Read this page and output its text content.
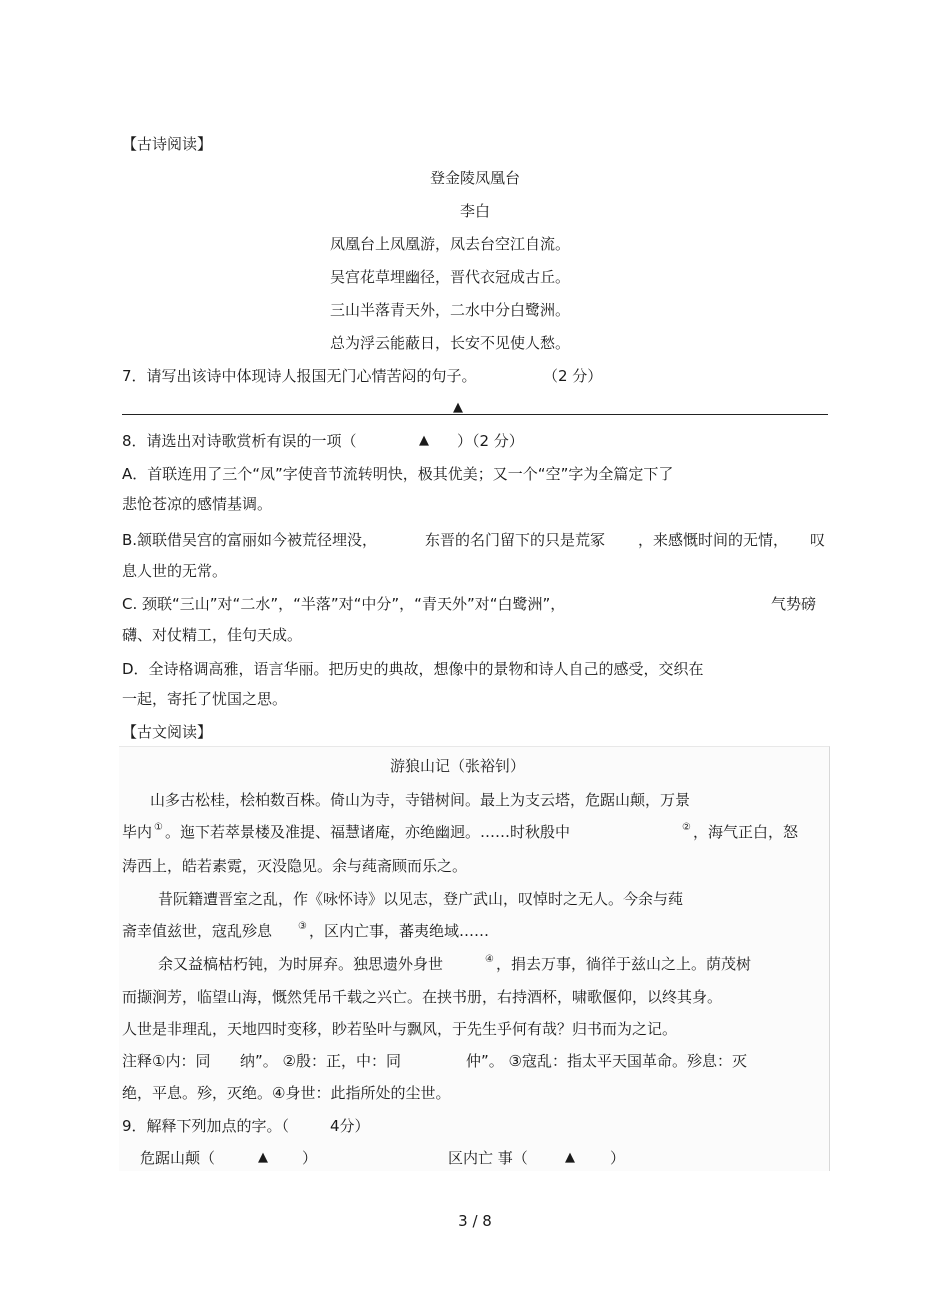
【古诗阅读】
登金陵凤凰台
李白
凤凰台上凤凰游，凤去台空江自流。
吴宫花草埋幽径，晋代衣冠成古丘。
三山半落青天外，二水中分白鹭洲。
总为浮云能蔽日，长安不见使人愁。
7．请写出该诗中体现诗人报国无门心情苦闷的句子。	（2 分）
▲
8．请选出对诗歌赏析有误的一项（	▲ ）（2 分）
A．首联连用了三个“凤”字使音节流转明快，极其优美；又一个“空”字为全篇定下了
悲怆苍凉的感情基调。
B.颔联借吴宫的富丽如今被荒径埋没，	东晋的名门留下的只是荒冢 ，来感慨时间的无情， 叹
息人世的无常。
C. 颈联“三山”对“二水”，“半落”对“中分”，“青天外”对“白鹭洲”，	气势磅
礴、对仗精工，佳句天成。
D．全诗格调高雅，语言华丽。把历史的典故，想像中的景物和诗人自己的感受，交织在
一起，寄托了忧国之思。
【古文阅读】
游狼山记（张裕钊）
山多古松桂，桧柏数百株。倚山为寺，寺错树间。最上为支云塔，危踞山颠，万景
毕内 ① 。迤下若萃景楼及准提、福慧诸庵，亦绝幽迥。……时秋殷中	② ，海气正白，怒
涛西上，皓若素霓，灭没隐见。余与莼斋顾而乐之。
昔阮籍遭晋室之乱，作《咏怀诗》以见志，登广武山，叹悼时之无人。今余与莼
斋幸值兹世，寇乱殄息	③ ，区内亡事，蕃夷绝域……
余又益槁枯朽钝，为时屏弃。独思遗外身世	④ ，捐去万事，徜徉于兹山之上。荫茂树
而撷涧芳，临望山海，慨然凭吊千载之兴亡。在挟书册，右持酒杯，啸歌偃仰，以终其身。
人世是非理乱，天地四时变移，眇若坠叶与飘风，于先生乎何有哉？归书而为之记。
注释①内：同 纳”。 ②殷：正，中：同	仲”。 ③寇乱：指太平天国革命。殄息：灭
绝，平息。殄，灭绝。④身世：此指所处的尘世。
9．解释下列加点的字。（	4分）
危踞山颠（	▲ ）	区内亡 事（	▲ ）
3 / 8
